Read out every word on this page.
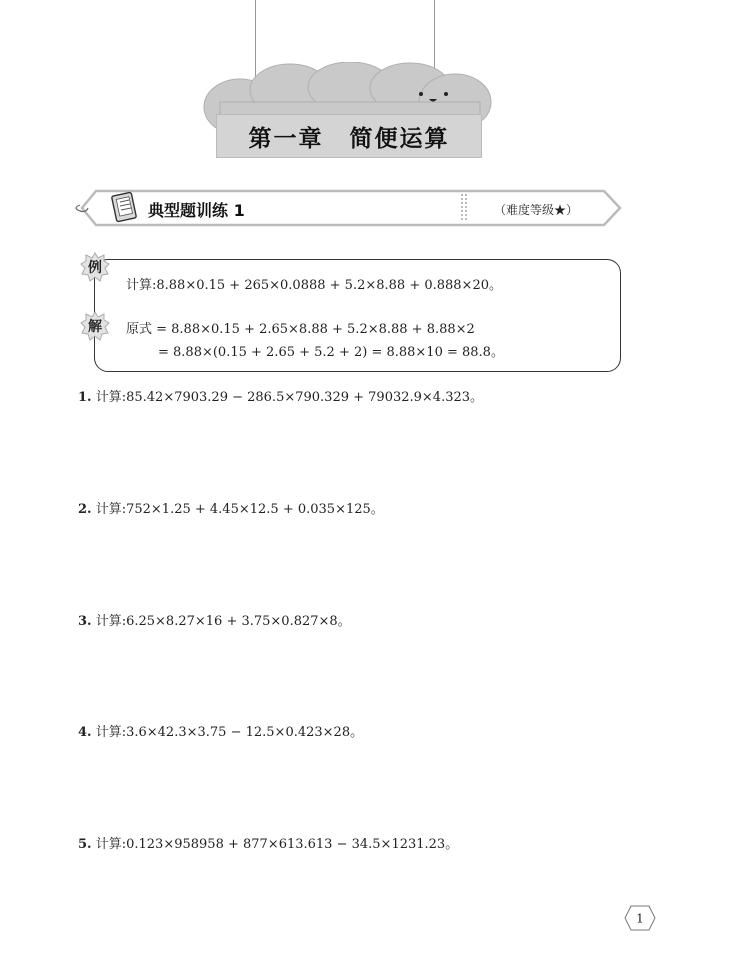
第一章 简便运算
典型题训练 1	（难度等级★）
例
计算:8.88×0.15 + 265×0.0888 + 5.2×8.88 + 0.888×20。
解	原式 = 8.88×0.15 + 2.65×8.88 + 5.2×8.88 + 8.88×2
= 8.88×(0.15 + 2.65 + 5.2 + 2) = 8.88×10 = 88.8。
1. 计算:85.42×7903.29 − 286.5×790.329 + 79032.9×4.323。
2. 计算:752×1.25 + 4.45×12.5 + 0.035×125。
3. 计算:6.25×8.27×16 + 3.75×0.827×8。
4. 计算:3.6×42.3×3.75 − 12.5×0.423×28。
5. 计算:0.123×958958 + 877×613.613 − 34.5×1231.23。
1
